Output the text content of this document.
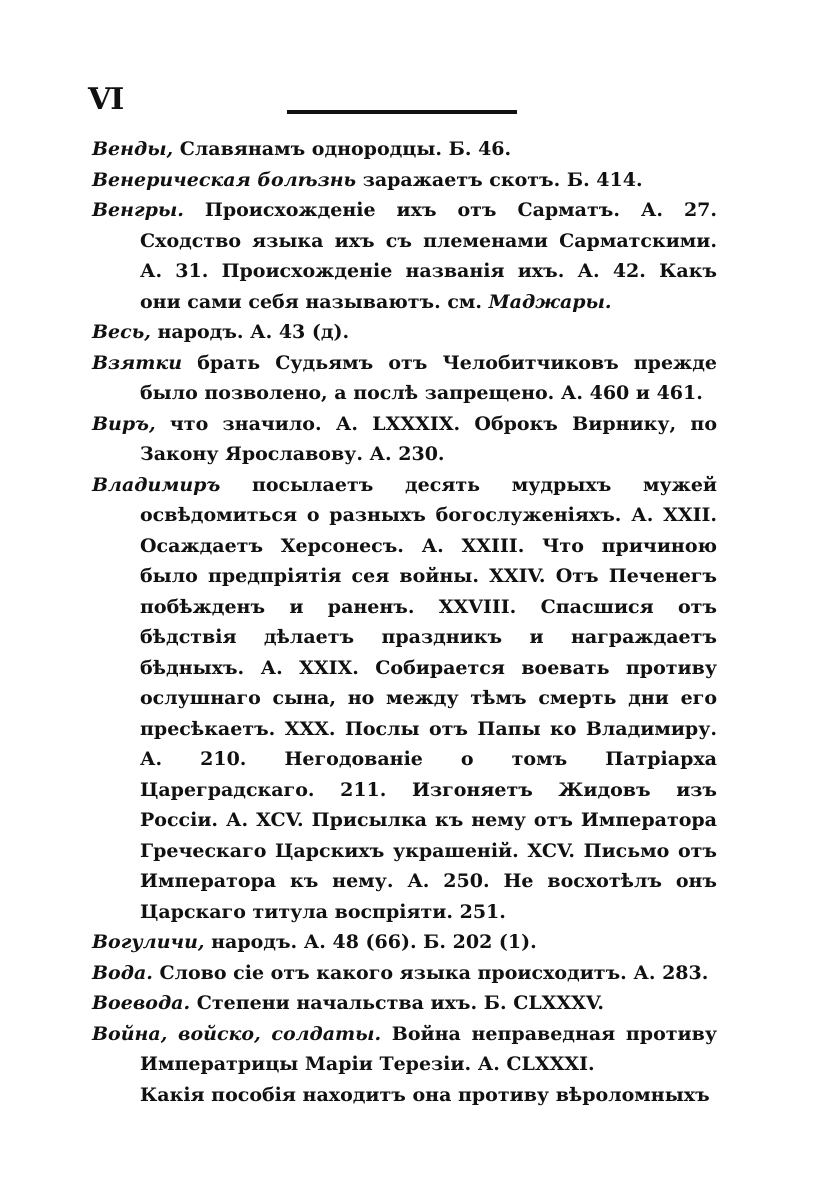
VI

Венды, Славянамъ однородцы. Б. 46.

Венерическая болѣзнь заражаетъ скотъ. Б. 414.

Венгры. Происхожденіе ихъ отъ Сарматъ. А. 27. Сходство языка ихъ съ племенами Сарматскими. А. 31. Происхожденіе названія ихъ. А. 42. Какъ они сами себя называютъ. см. Маджары.

Весь, народъ. А. 43 (д).

Взятки брать Судьямъ отъ Челобитчиковъ прежде было позволено, а послѣ запрещено. А. 460 и 461.

Виръ, что значило. А. LXXXIX. Оброкъ Вирнику, по Закону Ярославову. А. 230.

Владимиръ посылаетъ десять мудрыхъ мужей освѣдомиться о разныхъ богослуженіяхъ. А. XXII. Осаждаетъ Херсонесъ. А. XXIII. Что причиною было предпріятія сея войны. XXIV. Отъ Печенегъ побѣжденъ и раненъ. XXVIII. Спасшися отъ бѣдствія дѣлаетъ праздникъ и награждаетъ бѣдныхъ. А. XXIX. Собирается воевать противу ослушнаго сына, но между тѣмъ смерть дни его пресѣкаетъ. XXX. Послы отъ Папы ко Владимиру. А. 210. Негодованіе о томъ Патріарха Цареградскаго. 211. Изгоняетъ Жидовъ изъ Россіи. А. XCV. Присылка къ нему отъ Императора Греческаго Царскихъ украшеній. XCV. Письмо отъ Императора къ нему. А. 250. Не восхотѣлъ онъ Царскаго титула воспріяти. 251.

Вогуличи, народъ. А. 48 (66). Б. 202 (1).

Вода. Слово сіе отъ какого языка происходитъ. А. 283.

Воевода. Степени начальства ихъ. Б. CLXXXV.

Война, войско, солдаты. Война неправедная противу Императрицы Маріи Терезіи. А. CLXXXI.

Какія пособія находитъ она противу вѣроломныхъ
